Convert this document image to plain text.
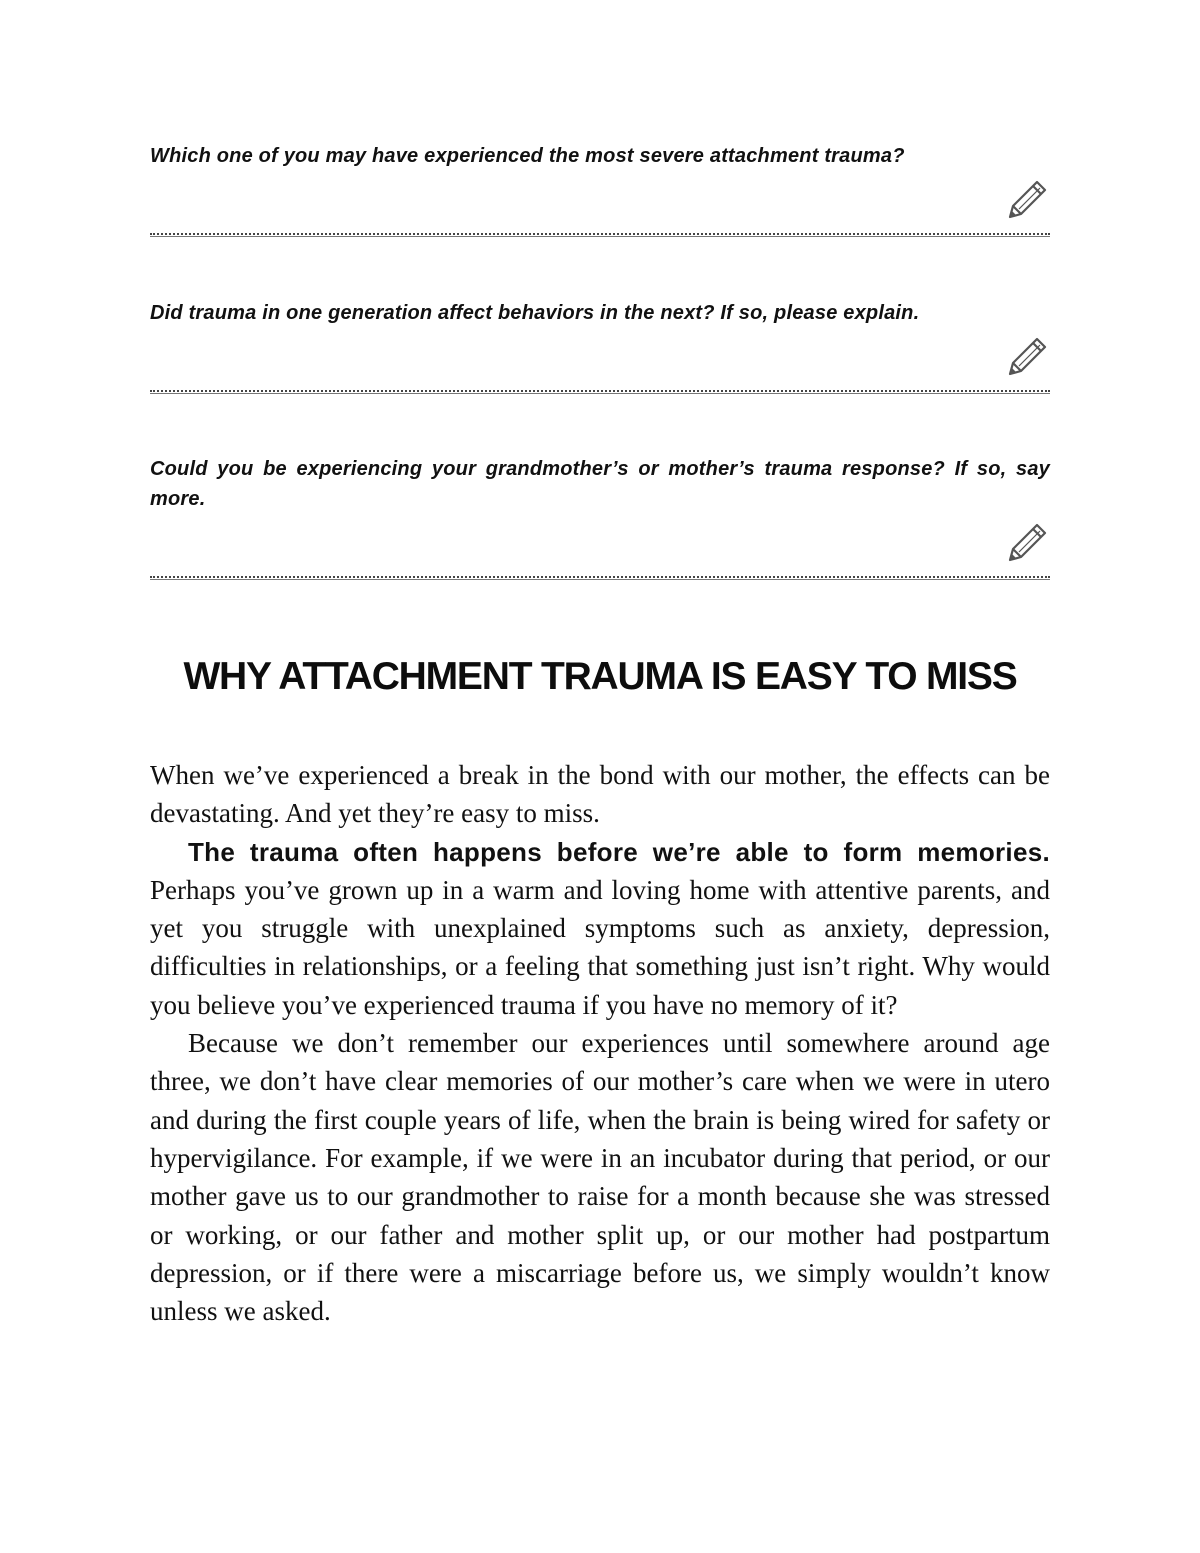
Which one of you may have experienced the most severe attachment trauma?

Did trauma in one generation affect behaviors in the next? If so, please explain.

Could you be experiencing your grandmother’s or mother’s trauma response? If so, say more.

WHY ATTACHMENT TRAUMA IS EASY TO MISS

When we’ve experienced a break in the bond with our mother, the effects can be devastating. And yet they’re easy to miss.

The trauma often happens before we’re able to form memories. Perhaps you’ve grown up in a warm and loving home with attentive parents, and yet you struggle with unexplained symptoms such as anxiety, depression, difficulties in relationships, or a feeling that something just isn’t right. Why would you believe you’ve experienced trauma if you have no memory of it?

Because we don’t remember our experiences until somewhere around age three, we don’t have clear memories of our mother’s care when we were in utero and during the first couple years of life, when the brain is being wired for safety or hypervigilance. For example, if we were in an incubator during that period, or our mother gave us to our grandmother to raise for a month because she was stressed or working, or our father and mother split up, or our mother had postpartum depression, or if there were a miscarriage before us, we simply wouldn’t know unless we asked.
